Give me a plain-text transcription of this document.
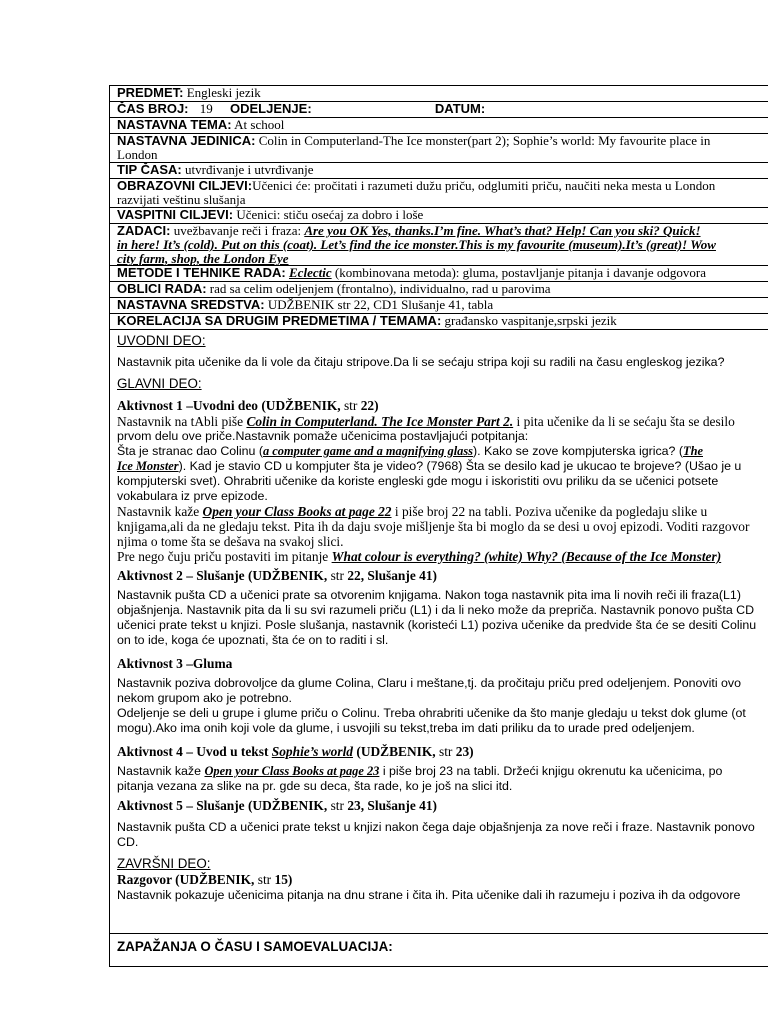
PREDMET: Engleski jezik
ČAS BROJ: 19 ODELJENJE:	DATUM:
NASTAVNA TEMA: At school
NASTAVNA JEDINICA: Colin in Computerland-The Ice monster(part 2); Sophie’s world: My favourite place in
London
TIP ČASA: utvrđivanje i utvrđivanje
OBRAZOVNI CILJEVI:Učenici će: pročitati i razumeti dužu priču, odglumiti priču, naučiti neka mesta u London
razvijati veštinu slušanja
VASPITNI CILJEVI: Učenici: stiču osećaj za dobro i loše
ZADACI: uvežbavanje reči i fraza: Are you OK Yes, thanks.I’m fine. What’s that? Help! Can you ski? Quick!
in here! It’s (cold). Put on this (coat). Let’s find the ice monster.This is my favourite (museum).It’s (great)! Wow
city farm, shop, the London Eye
METODE I TEHNIKE RADA: Eclectic (kombinovana metoda): gluma, postavljanje pitanja i davanje odgovora
OBLICI RADA: rad sa celim odeljenjem (frontalno), individualno, rad u parovima
NASTAVNA SREDSTVA: UDŽBENIK str 22, CD1 Slušanje 41, tabla
KORELACIJA SA DRUGIM PREDMETIMA / TEMAMA: građansko vaspitanje,srpski jezik
UVODNI DEO:
Nastavnik pita učenike da li vole da čitaju stripove.Da li se sećaju stripa koji su radili na času engleskog jezika?
GLAVNI DEO:
Aktivnost 1 –Uvodni deo (UDŽBENIK, str 22)
Nastavnik na tAbli piše Colin in Computerland. The Ice Monster Part 2. i pita učenike da li se sećaju šta se desilo
prvom delu ove priče.Nastavnik pomaže učenicima postavljajući potpitanja:
Šta je stranac dao Colinu (a computer game and a magnifying glass). Kako se zove kompjuterska igrica? (The
Ice Monster). Kad je stavio CD u kompjuter šta je video? (7968) Šta se desilo kad je ukucao te brojeve? (Ušao je u
kompjuterski svet). Ohrabriti učenike da koriste engleski gde mogu i iskoristiti ovu priliku da se učenici potsete
vokabulara iz prve epizode.
Nastavnik kaže Open your Class Books at page 22 i piše broj 22 na tabli. Poziva učenike da pogledaju slike u
knjigama,ali da ne gledaju tekst. Pita ih da daju svoje mišljenje šta bi moglo da se desi u ovoj epizodi. Voditi razgovor
njima o tome šta se dešava na svakoj slici.
Pre nego čuju priču postaviti im pitanje What colour is everything? (white) Why? (Because of the Ice Monster)
Aktivnost 2 – Slušanje (UDŽBENIK, str 22, Slušanje 41)
Nastavnik pušta CD a učenici prate sa otvorenim knjigama. Nakon toga nastavnik pita ima li novih reči ili fraza(L1)
objašnjenja. Nastavnik pita da li su svi razumeli priču (L1) i da li neko može da prepriča. Nastavnik ponovo pušta CD
učenici prate tekst u knjizi. Posle slušanja, nastavnik (koristeći L1) poziva učenike da predvide šta će se desiti Colinu
on to ide, koga će upoznati, šta će on to raditi i sl.
Aktivnost 3 –Gluma
Nastavnik poziva dobrovoljce da glume Colina, Claru i meštane,tj. da pročitaju priču pred odeljenjem. Ponoviti ovo
nekom grupom ako je potrebno.
Odeljenje se deli u grupe i glume priču o Colinu. Treba ohrabriti učenike da što manje gledaju u tekst dok glume (ot
mogu).Ako ima onih koji vole da glume, i usvojili su tekst,treba im dati priliku da to urade pred odeljenjem.
Aktivnost 4 – Uvod u tekst Sophie’s world (UDŽBENIK, str 23)
Nastavnik kaže Open your Class Books at page 23 i piše broj 23 na tabli. Držeći knjigu okrenutu ka učenicima, po
pitanja vezana za slike na pr. gde su deca, šta rade, ko je još na slici itd.
Aktivnost 5 – Slušanje (UDŽBENIK, str 23, Slušanje 41)
Nastavnik pušta CD a učenici prate tekst u knjizi nakon čega daje objašnjenja za nove reči i fraze. Nastavnik ponovo
CD.
ZAVRŠNI DEO:
Razgovor (UDŽBENIK, str 15)
Nastavnik pokazuje učenicima pitanja na dnu strane i čita ih. Pita učenike dali ih razumeju i poziva ih da odgovore
ZAPAŽANJA O ČASU I SAMOEVALUACIJA:
